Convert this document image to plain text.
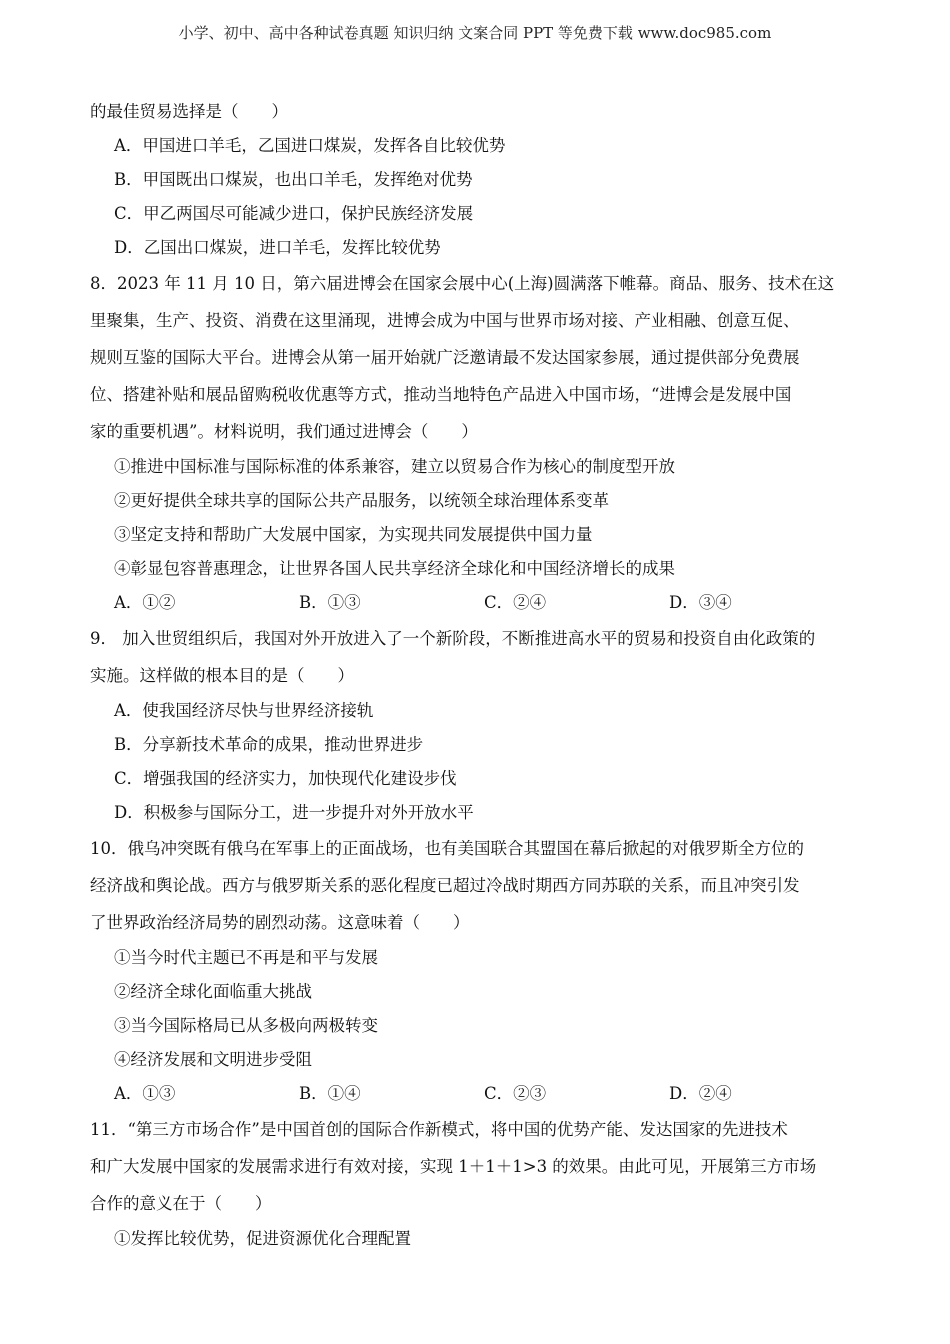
小学、初中、高中各种试卷真题 知识归纳 文案合同 PPT 等免费下载 www.doc985.com
的最佳贸易选择是（　　）
A．甲国进口羊毛，乙国进口煤炭，发挥各自比较优势
B．甲国既出口煤炭，也出口羊毛，发挥绝对优势
C．甲乙两国尽可能减少进口，保护民族经济发展
D．乙国出口煤炭，进口羊毛，发挥比较优势
8．2023 年 11 月 10 日，第六届进博会在国家会展中心(上海)圆满落下帷幕。商品、服务、技术在这
里聚集，生产、投资、消费在这里涌现，进博会成为中国与世界市场对接、产业相融、创意互促、
规则互鉴的国际大平台。进博会从第一届开始就广泛邀请最不发达国家参展，通过提供部分免费展
位、搭建补贴和展品留购税收优惠等方式，推动当地特色产品进入中国市场，“进博会是发展中国
家的重要机遇”。材料说明，我们通过进博会（　　）
①推进中国标准与国际标准的体系兼容，建立以贸易合作为核心的制度型开放
②更好提供全球共享的国际公共产品服务，以统领全球治理体系变革
③坚定支持和帮助广大发展中国家，为实现共同发展提供中国力量
④彰显包容普惠理念，让世界各国人民共享经济全球化和中国经济增长的成果
A．①②	B．①③	C．②④	D．③④
9． 加入世贸组织后，我国对外开放进入了一个新阶段，不断推进高水平的贸易和投资自由化政策的
实施。这样做的根本目的是（　　）
A．使我国经济尽快与世界经济接轨
B．分享新技术革命的成果，推动世界进步
C．增强我国的经济实力，加快现代化建设步伐
D．积极参与国际分工，进一步提升对外开放水平
10．俄乌冲突既有俄乌在军事上的正面战场，也有美国联合其盟国在幕后掀起的对俄罗斯全方位的
经济战和舆论战。西方与俄罗斯关系的恶化程度已超过冷战时期西方同苏联的关系，而且冲突引发
了世界政治经济局势的剧烈动荡。这意味着（　　）
①当今时代主题已不再是和平与发展
②经济全球化面临重大挑战
③当今国际格局已从多极向两极转变
④经济发展和文明进步受阻
A．①③	B．①④	C．②③	D．②④
11．“第三方市场合作”是中国首创的国际合作新模式，将中国的优势产能、发达国家的先进技术
和广大发展中国家的发展需求进行有效对接，实现 1＋1＋1>3 的效果。由此可见，开展第三方市场
合作的意义在于（　　）
①发挥比较优势，促进资源优化合理配置
